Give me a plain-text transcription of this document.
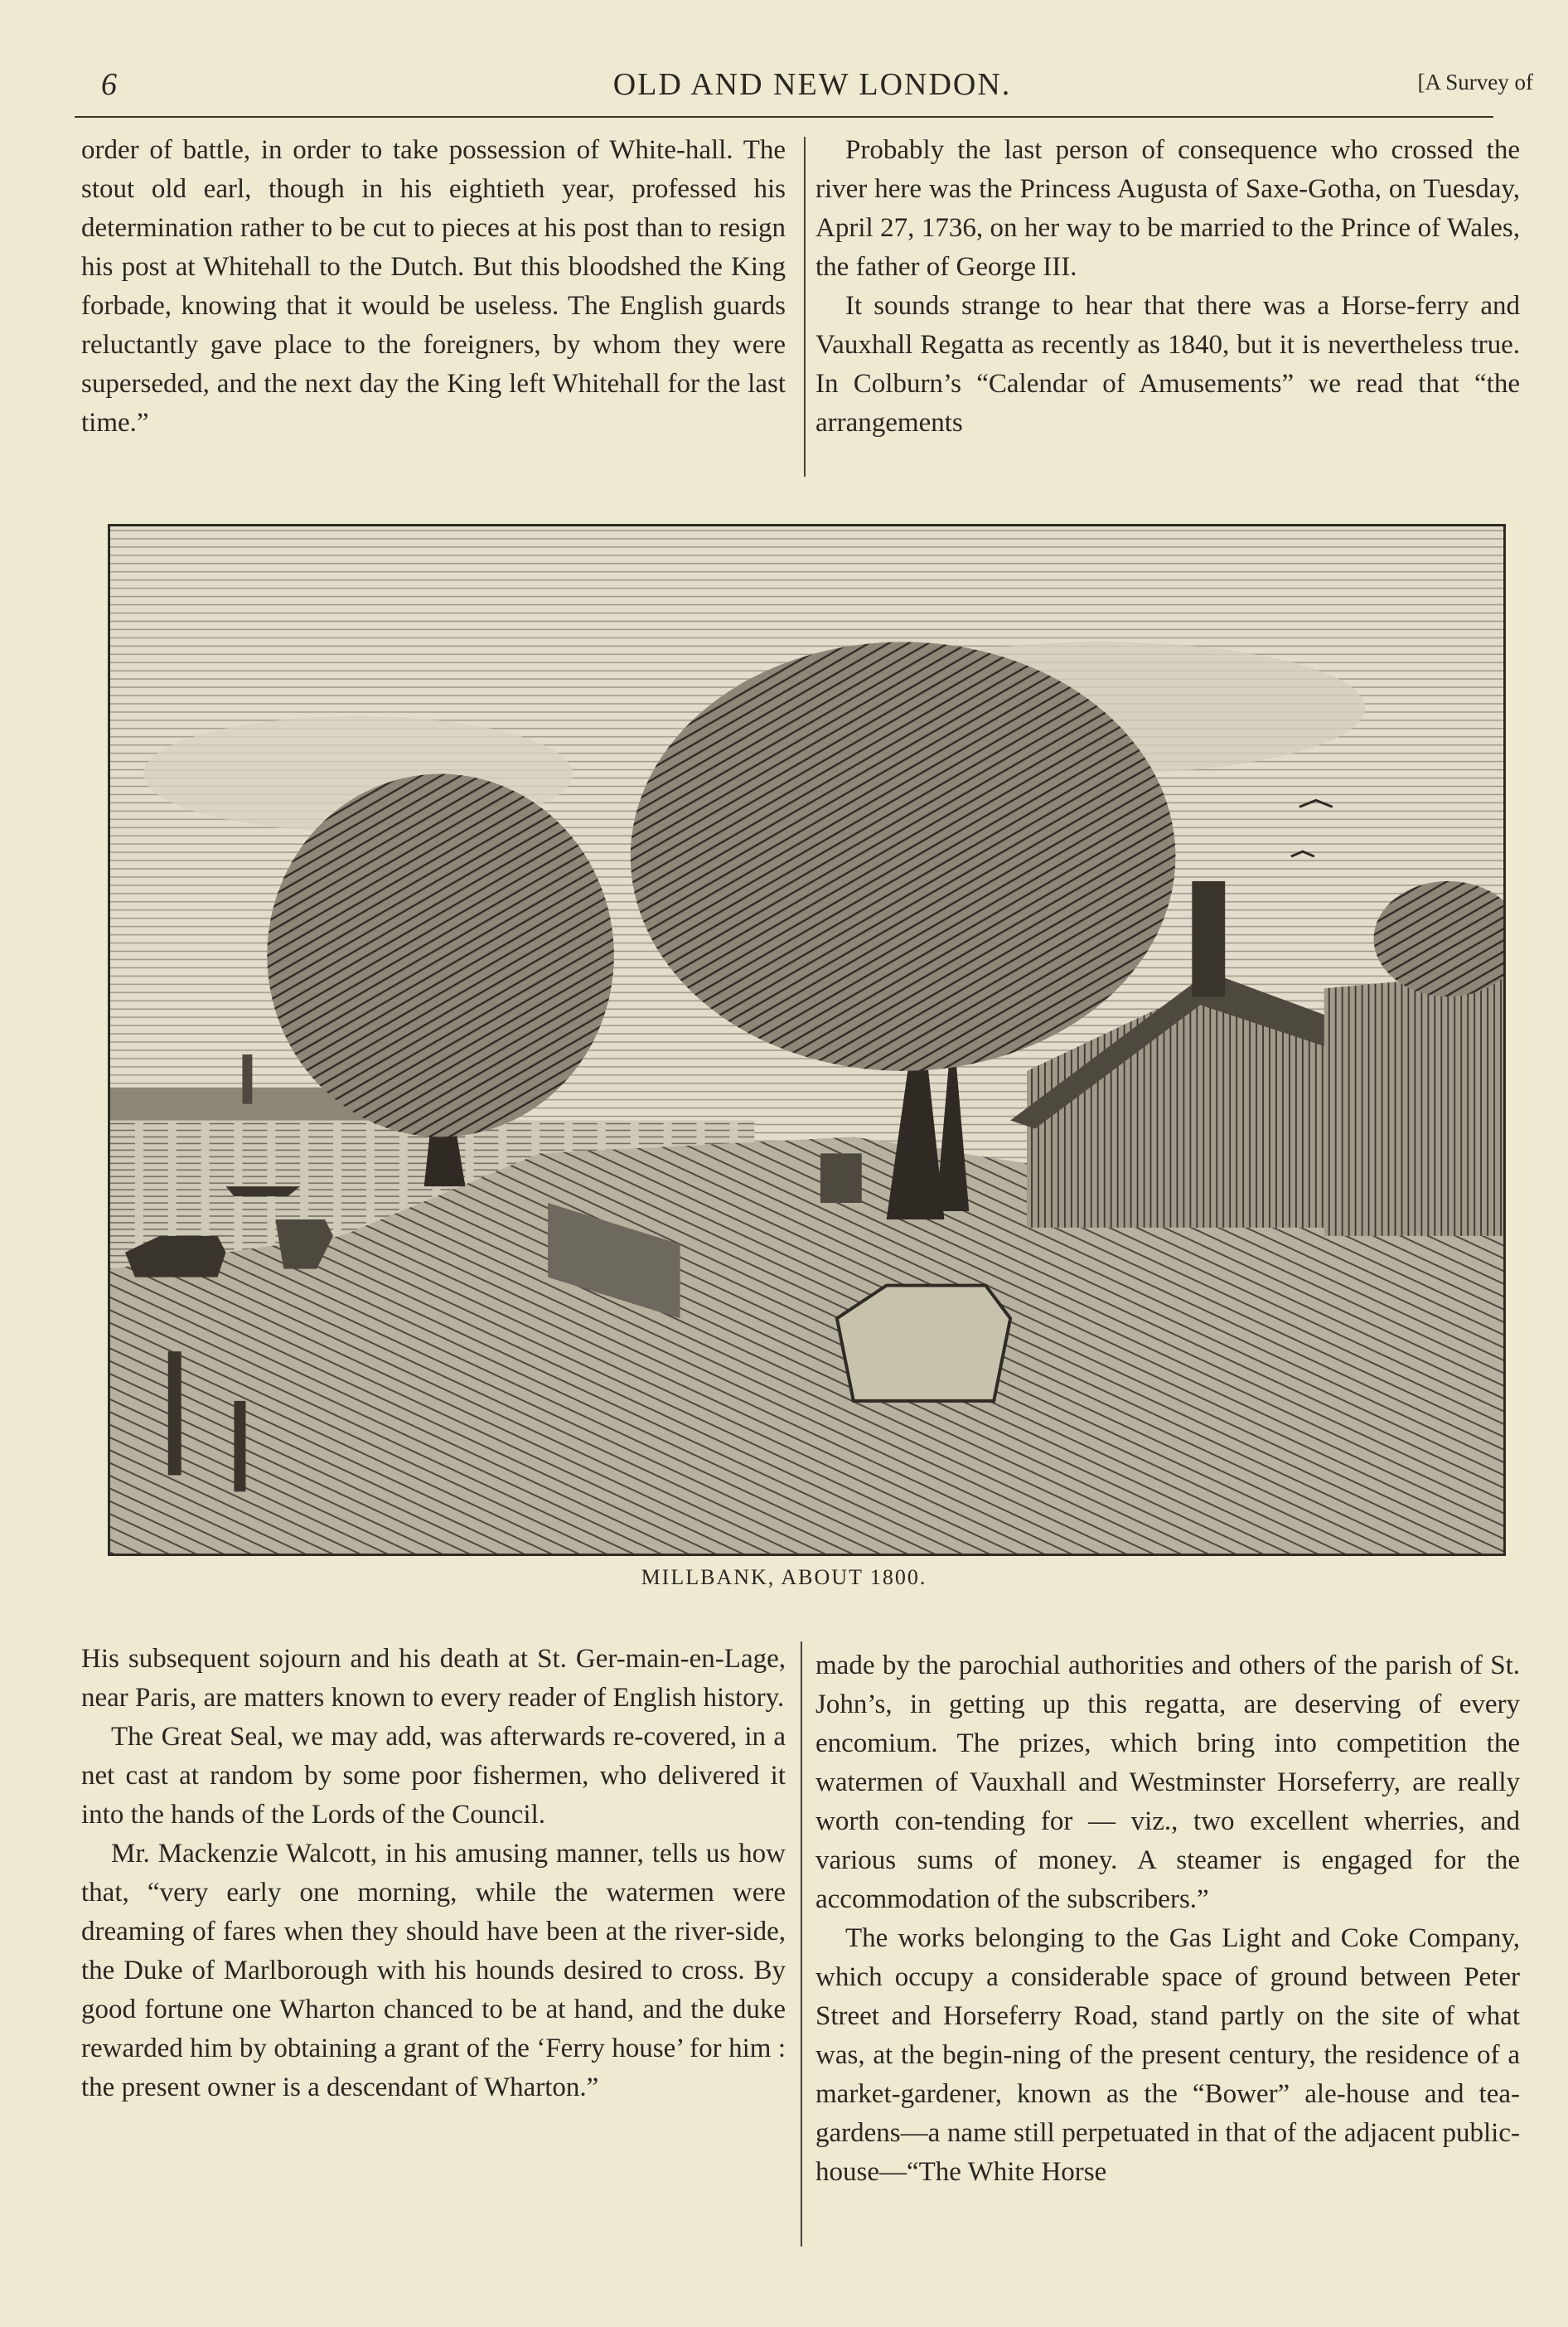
6	OLD AND NEW LONDON.	[A Survey of

order of battle, in order to take possession of White-hall. The stout old earl, though in his eightieth year, professed his determination rather to be cut to pieces at his post than to resign his post at Whitehall to the Dutch. But this bloodshed the King forbade, knowing that it would be useless. The English guards reluctantly gave place to the foreigners, by whom they were superseded, and the next day the King left Whitehall for the last time.”

Probably the last person of consequence who crossed the river here was the Princess Augusta of Saxe-Gotha, on Tuesday, April 27, 1736, on her way to be married to the Prince of Wales, the father of George III.

It sounds strange to hear that there was a Horse-ferry and Vauxhall Regatta as recently as 1840, but it is nevertheless true. In Colburn’s “Calendar of Amusements” we read that “the arrangements

MILLBANK, ABOUT 1800.

His subsequent sojourn and his death at St. Ger-main-en-Lage, near Paris, are matters known to every reader of English history.

The Great Seal, we may add, was afterwards re-covered, in a net cast at random by some poor fishermen, who delivered it into the hands of the Lords of the Council.

Mr. Mackenzie Walcott, in his amusing manner, tells us how that, “very early one morning, while the watermen were dreaming of fares when they should have been at the river-side, the Duke of Marlborough with his hounds desired to cross. By good fortune one Wharton chanced to be at hand, and the duke rewarded him by obtaining a grant of the ‘Ferry house’ for him : the present owner is a descendant of Wharton.”

made by the parochial authorities and others of the parish of St. John’s, in getting up this regatta, are deserving of every encomium. The prizes, which bring into competition the watermen of Vauxhall and Westminster Horseferry, are really worth con-tending for — viz., two excellent wherries, and various sums of money. A steamer is engaged for the accommodation of the subscribers.”

The works belonging to the Gas Light and Coke Company, which occupy a considerable space of ground between Peter Street and Horseferry Road, stand partly on the site of what was, at the begin-ning of the present century, the residence of a market-gardener, known as the “Bower” ale-house and tea-gardens—a name still perpetuated in that of the adjacent public-house—“The White Horse
